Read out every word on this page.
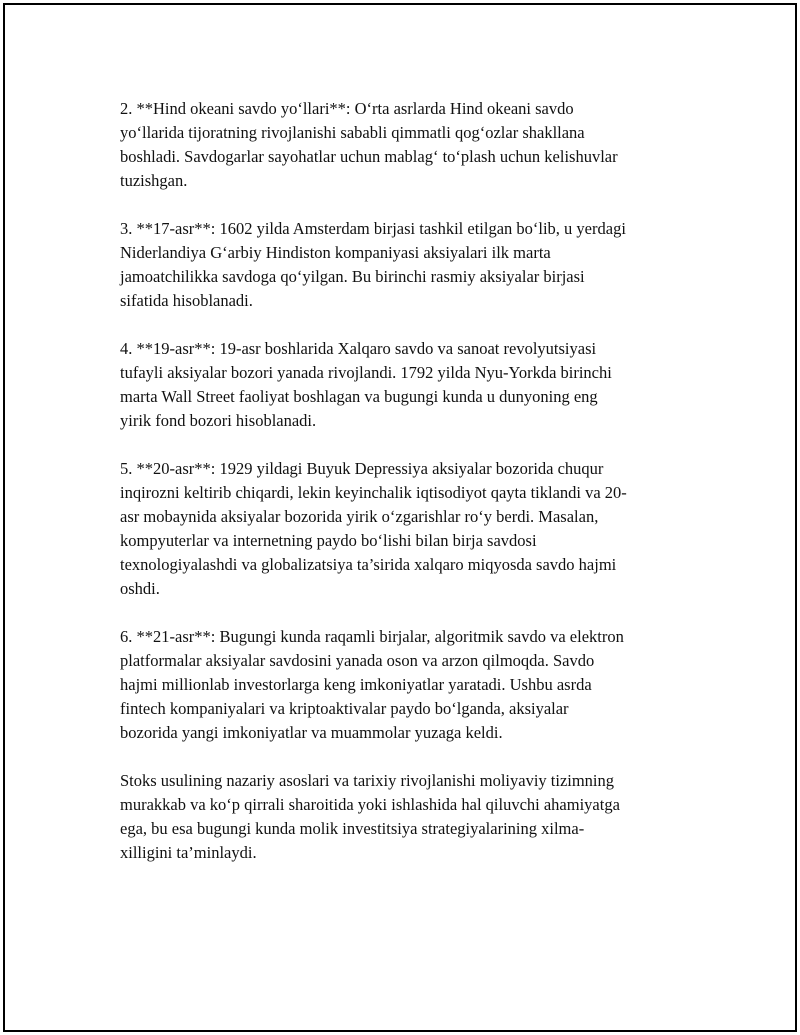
2. **Hind okeani savdo yo‘llari**: O‘rta asrlarda Hind okeani savdo
yo‘llarida tijoratning rivojlanishi sababli qimmatli qog‘ozlar shakllana
boshladi. Savdogarlar sayohatlar uchun mablag‘ to‘plash uchun kelishuvlar
tuzishgan.

3. **17-asr**: 1602 yilda Amsterdam birjasi tashkil etilgan bo‘lib, u yerdagi
Niderlandiya G‘arbiy Hindiston kompaniyasi aksiyalari ilk marta
jamoatchilikka savdoga qo‘yilgan. Bu birinchi rasmiy aksiyalar birjasi
sifatida hisoblanadi.

4. **19-asr**: 19-asr boshlarida Xalqaro savdo va sanoat revolyutsiyasi
tufayli aksiyalar bozori yanada rivojlandi. 1792 yilda Nyu-Yorkda birinchi
marta Wall Street faoliyat boshlagan va bugungi kunda u dunyoning eng
yirik fond bozori hisoblanadi.

5. **20-asr**: 1929 yildagi Buyuk Depressiya aksiyalar bozorida chuqur
inqirozni keltirib chiqardi, lekin keyinchalik iqtisodiyot qayta tiklandi va 20-
asr mobaynida aksiyalar bozorida yirik o‘zgarishlar ro‘y berdi. Masalan,
kompyuterlar va internetning paydo bo‘lishi bilan birja savdosi
texnologiyalashdi va globalizatsiya ta’sirida xalqaro miqyosda savdo hajmi
oshdi.

6. **21-asr**: Bugungi kunda raqamli birjalar, algoritmik savdo va elektron
platformalar aksiyalar savdosini yanada oson va arzon qilmoqda. Savdo
hajmi millionlab investorlarga keng imkoniyatlar yaratadi. Ushbu asrda
fintech kompaniyalari va kriptoaktivalar paydo bo‘lganda, aksiyalar
bozorida yangi imkoniyatlar va muammolar yuzaga keldi.

Stoks usulining nazariy asoslari va tarixiy rivojlanishi moliyaviy tizimning
murakkab va ko‘p qirrali sharoitida yoki ishlashida hal qiluvchi ahamiyatga
ega, bu esa bugungi kunda molik investitsiya strategiyalarining xilma-
xilligini ta’minlaydi.
